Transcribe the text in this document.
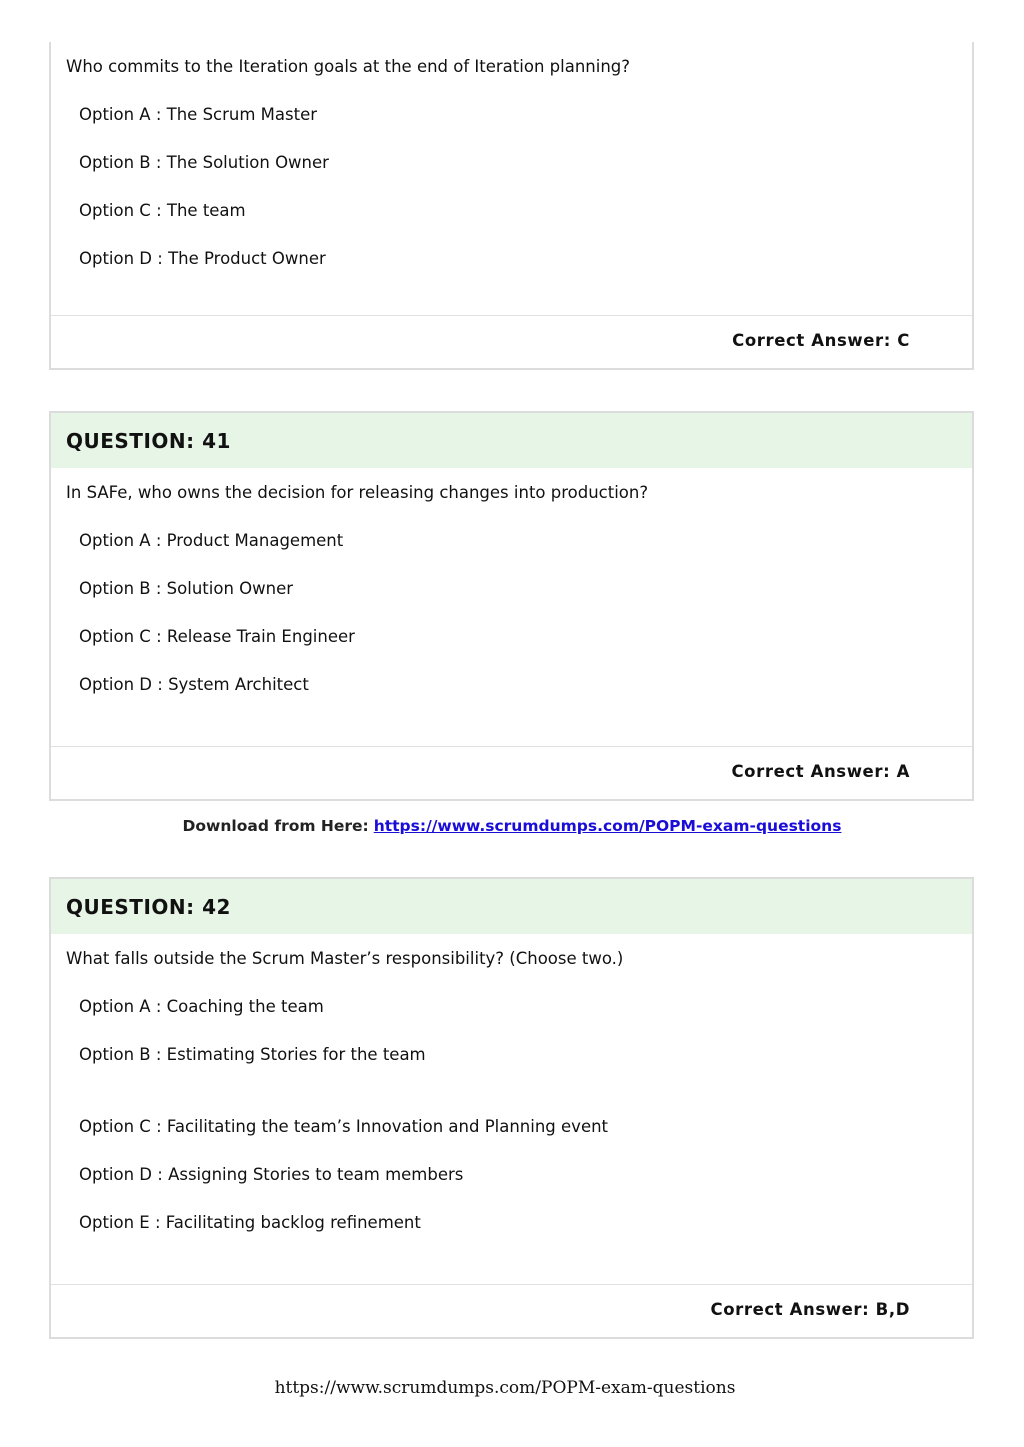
Who commits to the Iteration goals at the end of Iteration planning?
Option A : The Scrum Master
Option B : The Solution Owner
Option C : The team
Option D : The Product Owner
Correct Answer: C
QUESTION: 41
In SAFe, who owns the decision for releasing changes into production?
Option A : Product Management
Option B : Solution Owner
Option C : Release Train Engineer
Option D : System Architect
Correct Answer: A
Download from Here: https://www.scrumdumps.com/POPM-exam-questions
QUESTION: 42
What falls outside the Scrum Master’s responsibility? (Choose two.)
Option A : Coaching the team
Option B : Estimating Stories for the team
Option C : Facilitating the team’s Innovation and Planning event
Option D : Assigning Stories to team members
Option E : Facilitating backlog refinement
Correct Answer: B,D
https://www.scrumdumps.com/POPM-exam-questions
